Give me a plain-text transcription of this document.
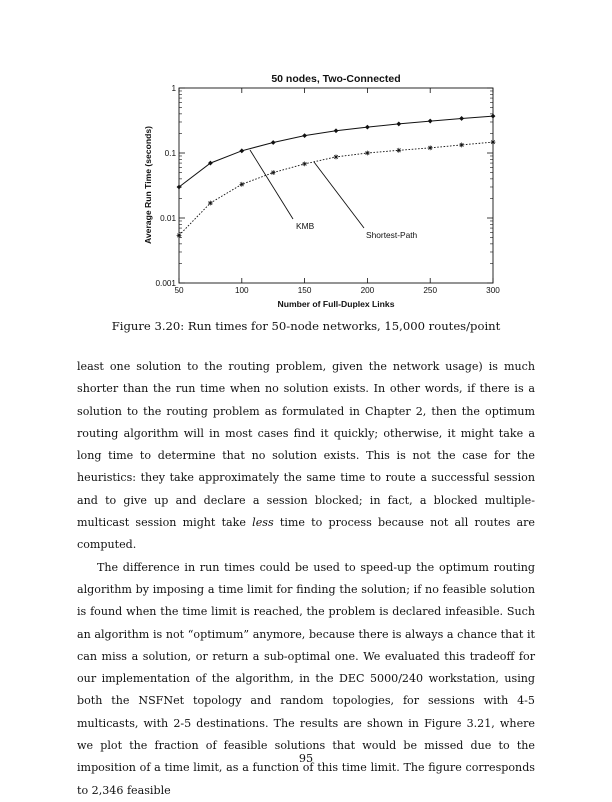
50 nodes, Two-Connected
50	100	150	200	250	300
0.001
0.01
0.1
1
Number of Full-Duplex Links
Average Run Time (seconds)	KMB
Shortest-Path
Figure 3.20: Run times for 50-node networks, 15,000 routes/point

least one solution to the routing problem, given the network usage) is much shorter than the run time when no solution exists. In other words, if there is a solution to the routing problem as formulated in Chapter 2, then the optimum routing algorithm will in most cases find it quickly; otherwise, it might take a long time to determine that no solution exists. This is not the case for the heuristics: they take approximately the same time to route a successful session and to give up and declare a session blocked; in fact, a blocked multiple-multicast session might take less time to process because not all routes are computed.

The difference in run times could be used to speed-up the optimum routing algorithm by imposing a time limit for finding the solution; if no feasible solution is found when the time limit is reached, the problem is declared infeasible. Such an algorithm is not “optimum” anymore, because there is always a chance that it can miss a solution, or return a sub-optimal one. We evaluated this tradeoff for our implementation of the algorithm, in the DEC 5000/240 workstation, using both the NSFNet topology and random topologies, for sessions with 4-5 multicasts, with 2-5 destinations. The results are shown in Figure 3.21, where we plot the fraction of feasible solutions that would be missed due to the imposition of a time limit, as a function of this time limit. The figure corresponds to 2,346 feasible

95
